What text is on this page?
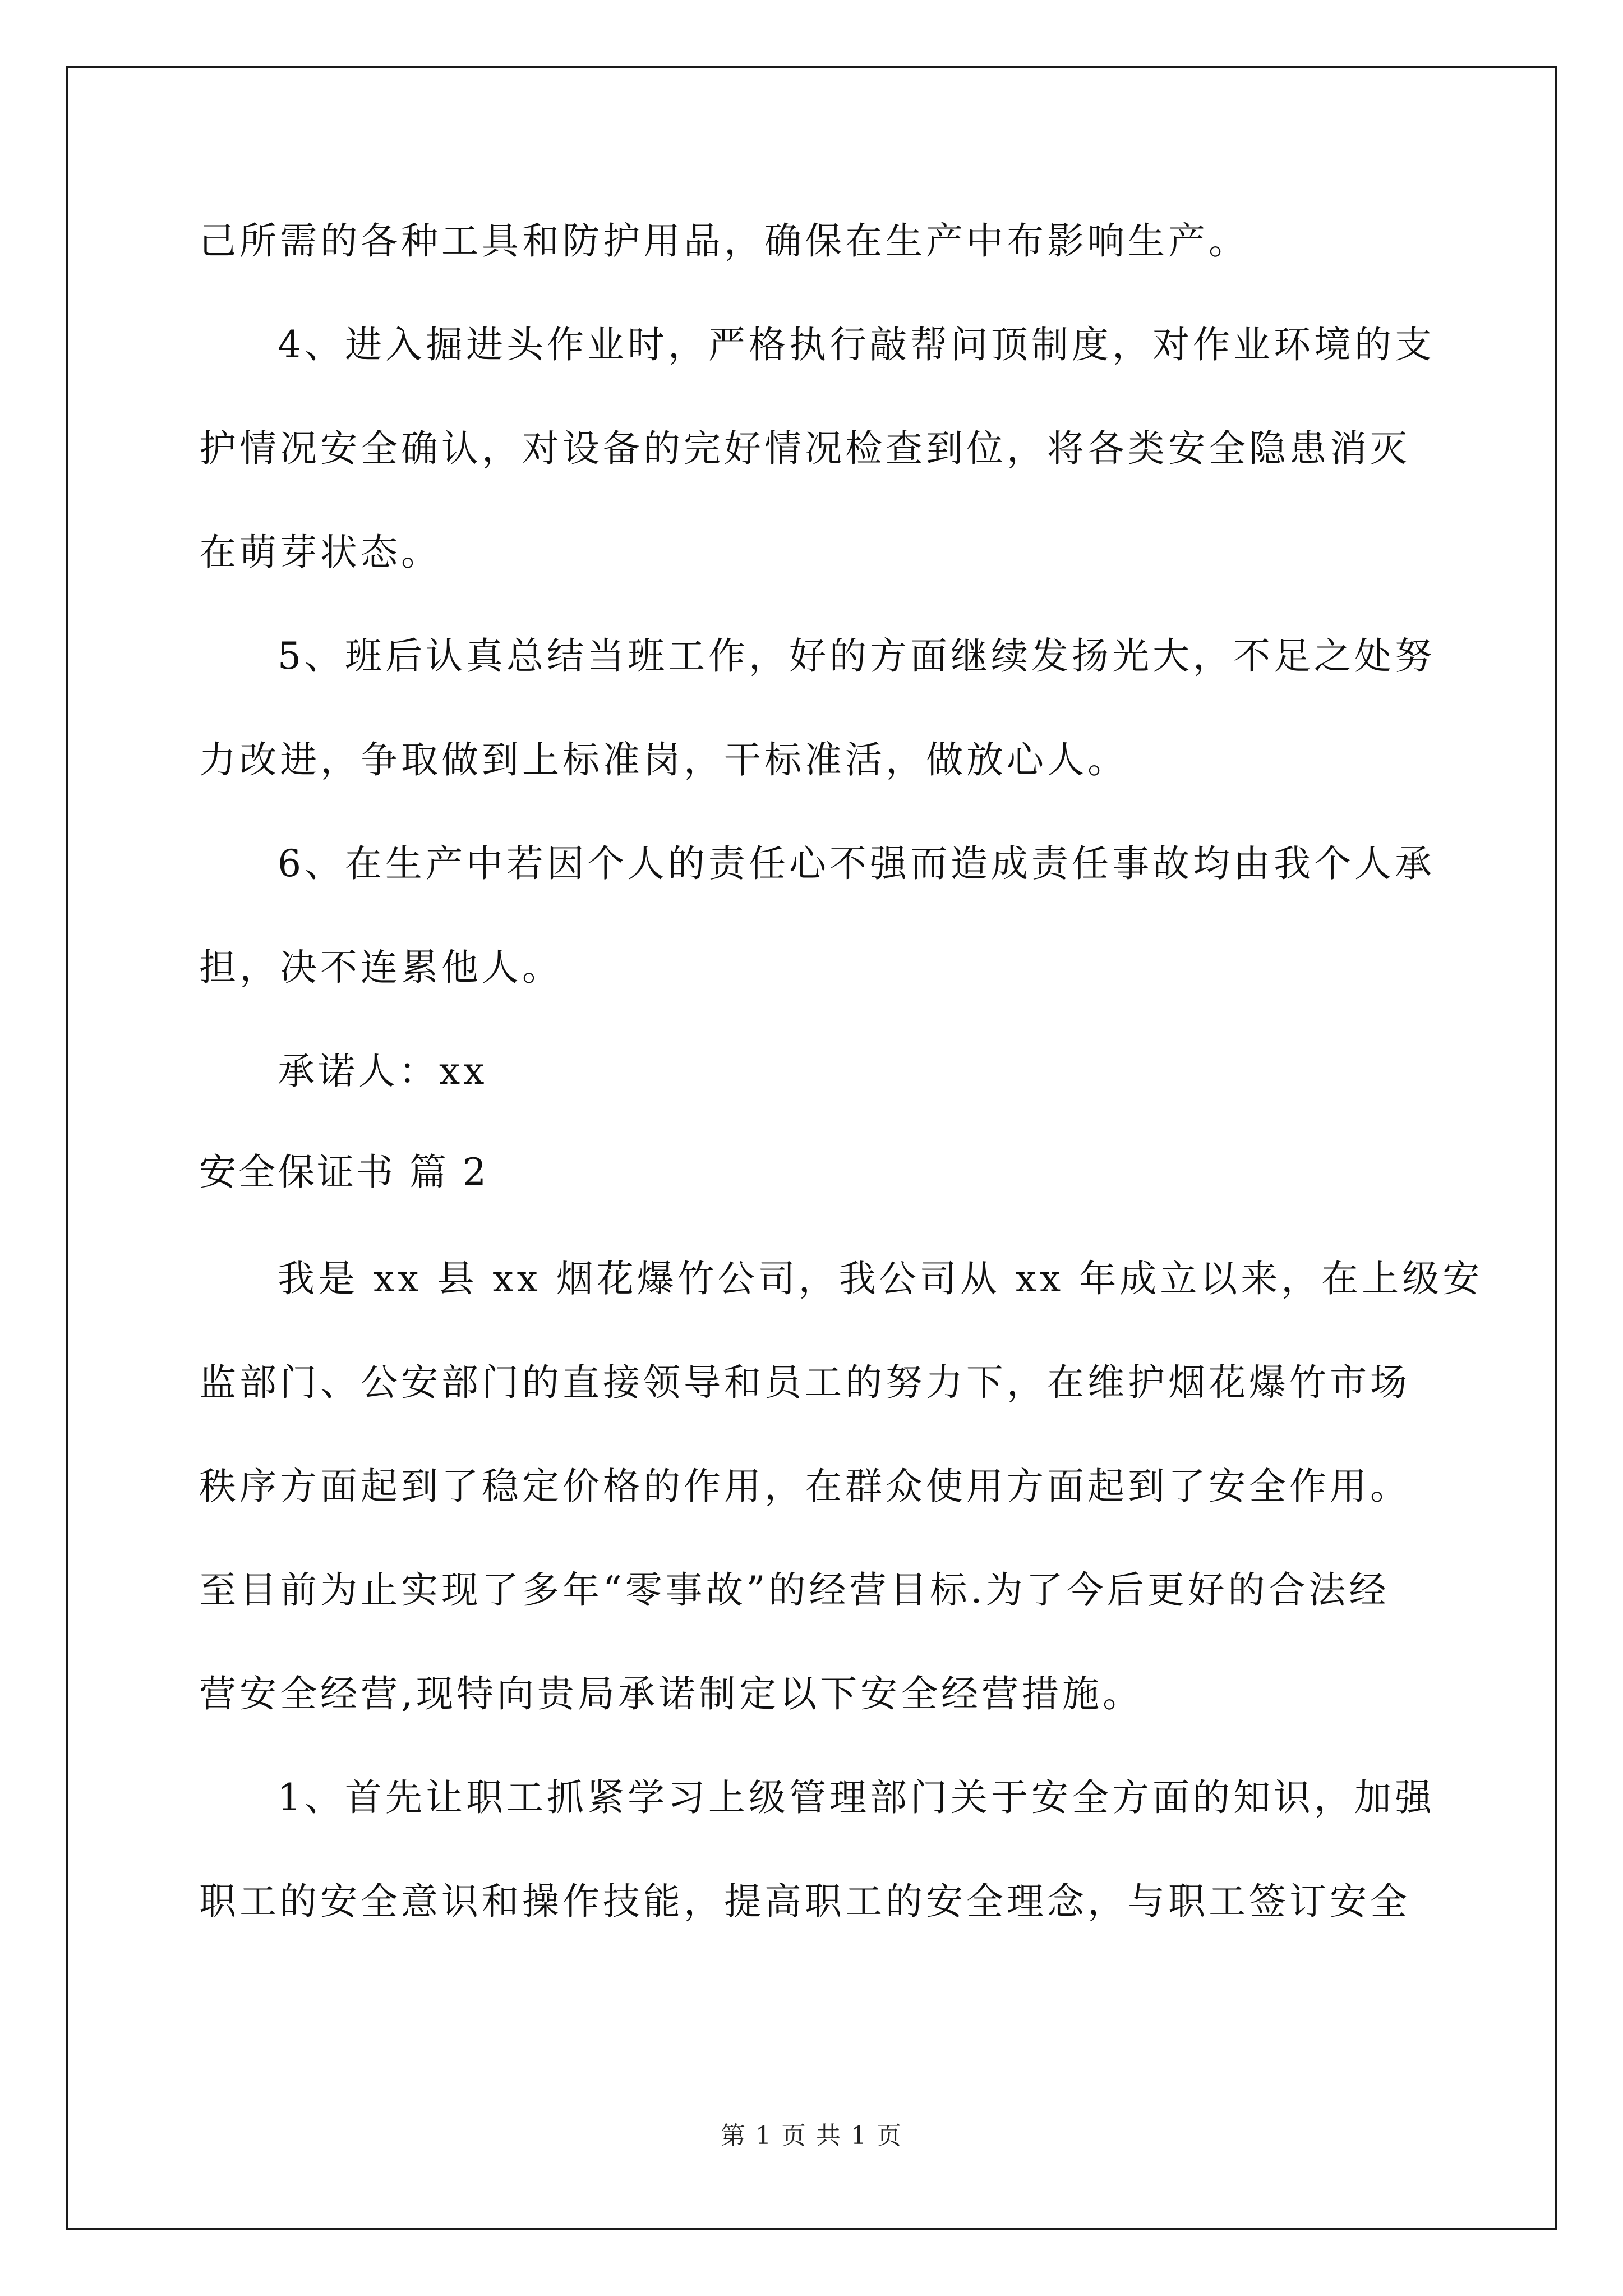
己所需的各种工具和防护用品，确保在生产中布影响生产。
4、进入掘进头作业时，严格执行敲帮问顶制度，对作业环境的支
护情况安全确认，对设备的完好情况检查到位，将各类安全隐患消灭
在萌芽状态。
5、班后认真总结当班工作，好的方面继续发扬光大，不足之处努
力改进，争取做到上标准岗，干标准活，做放心人。
6、在生产中若因个人的责任心不强而造成责任事故均由我个人承
担，决不连累他人。
承诺人：xx
安全保证书 篇 2
我是 xx 县 xx 烟花爆竹公司，我公司从 xx 年成立以来，在上级安
监部门、公安部门的直接领导和员工的努力下，在维护烟花爆竹市场
秩序方面起到了稳定价格的作用，在群众使用方面起到了安全作用。
至目前为止实现了多年“零事故”的经营目标.为了今后更好的合法经
营安全经营,现特向贵局承诺制定以下安全经营措施。
1、首先让职工抓紧学习上级管理部门关于安全方面的知识，加强
职工的安全意识和操作技能，提高职工的安全理念，与职工签订安全
第 1 页 共 1 页
